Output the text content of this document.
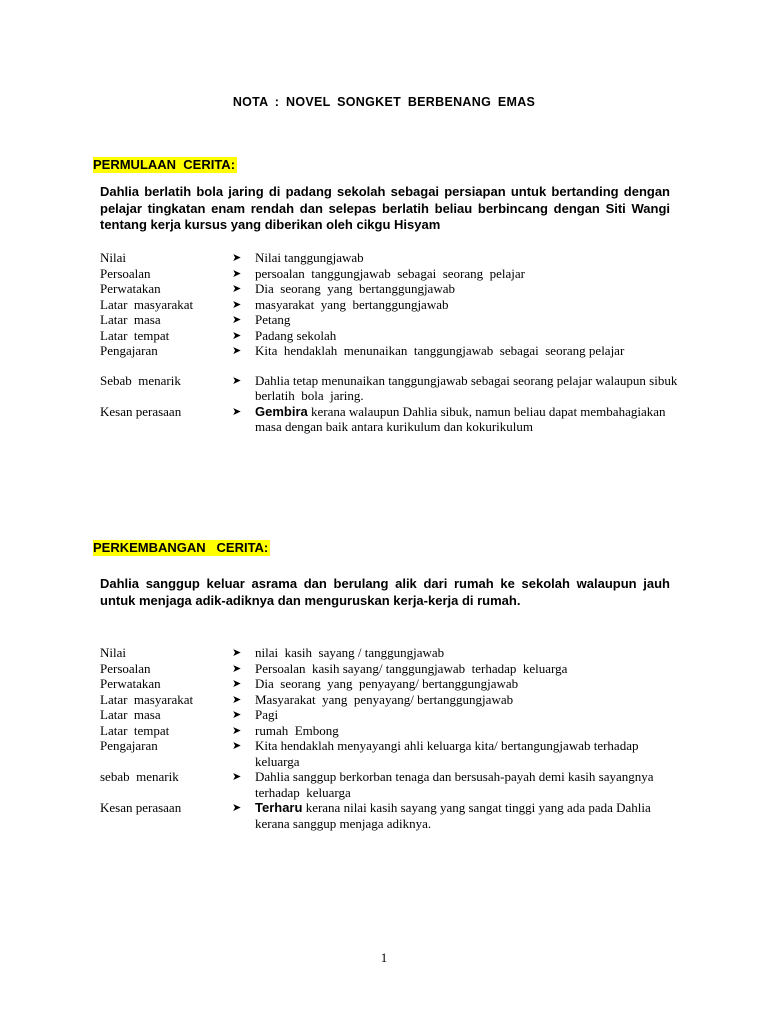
NOTA : NOVEL SONGKET BERBENANG EMAS
PERMULAAN  CERITA:
Dahlia berlatih bola jaring di padang sekolah sebagai persiapan untuk bertanding dengan pelajar tingkatan enam rendah dan selepas berlatih beliau berbincang dengan Siti Wangi tentang kerja kursus yang diberikan oleh cikgu Hisyam
Nilai	➤	Nilai tanggungjawab
Persoalan	➤	persoalan  tanggungjawab  sebagai  seorang  pelajar
Perwatakan	➤	Dia  seorang  yang  bertanggungjawab
Latar  masyarakat	➤	masyarakat  yang  bertanggungjawab
Latar  masa	➤	Petang
Latar  tempat	➤	Padang sekolah
Pengajaran	➤	Kita  hendaklah  menunaikan  tanggungjawab  sebagai  seorang pelajar
Sebab  menarik	➤	Dahlia tetap menunaikan tanggungjawab sebagai seorang pelajar walaupun sibuk  berlatih  bola  jaring.
Kesan perasaan	➤	Gembira kerana walaupun Dahlia sibuk, namun beliau dapat membahagiakan masa dengan baik antara kurikulum dan kokurikulum
PERKEMBANGAN   CERITA:
Dahlia sanggup keluar asrama dan berulang alik dari rumah ke sekolah walaupun jauh untuk menjaga adik-adiknya dan menguruskan kerja-kerja di rumah.
Nilai	➤	nilai  kasih  sayang / tanggungjawab
Persoalan	➤	Persoalan  kasih sayang/ tanggungjawab  terhadap  keluarga
Perwatakan	➤	Dia  seorang  yang  penyayang/ bertanggungjawab
Latar  masyarakat	➤	Masyarakat  yang  penyayang/ bertanggungjawab
Latar  masa	➤	Pagi
Latar  tempat	➤	rumah  Embong
Pengajaran	➤	Kita hendaklah menyayangi ahli keluarga kita/ bertangungjawab terhadap  keluarga
sebab  menarik	➤	Dahlia sanggup berkorban tenaga dan bersusah-payah demi kasih sayangnya  terhadap  keluarga
Kesan perasaan	➤	Terharu kerana nilai kasih sayang yang sangat tinggi yang ada pada Dahlia kerana sanggup menjaga adiknya.
1
